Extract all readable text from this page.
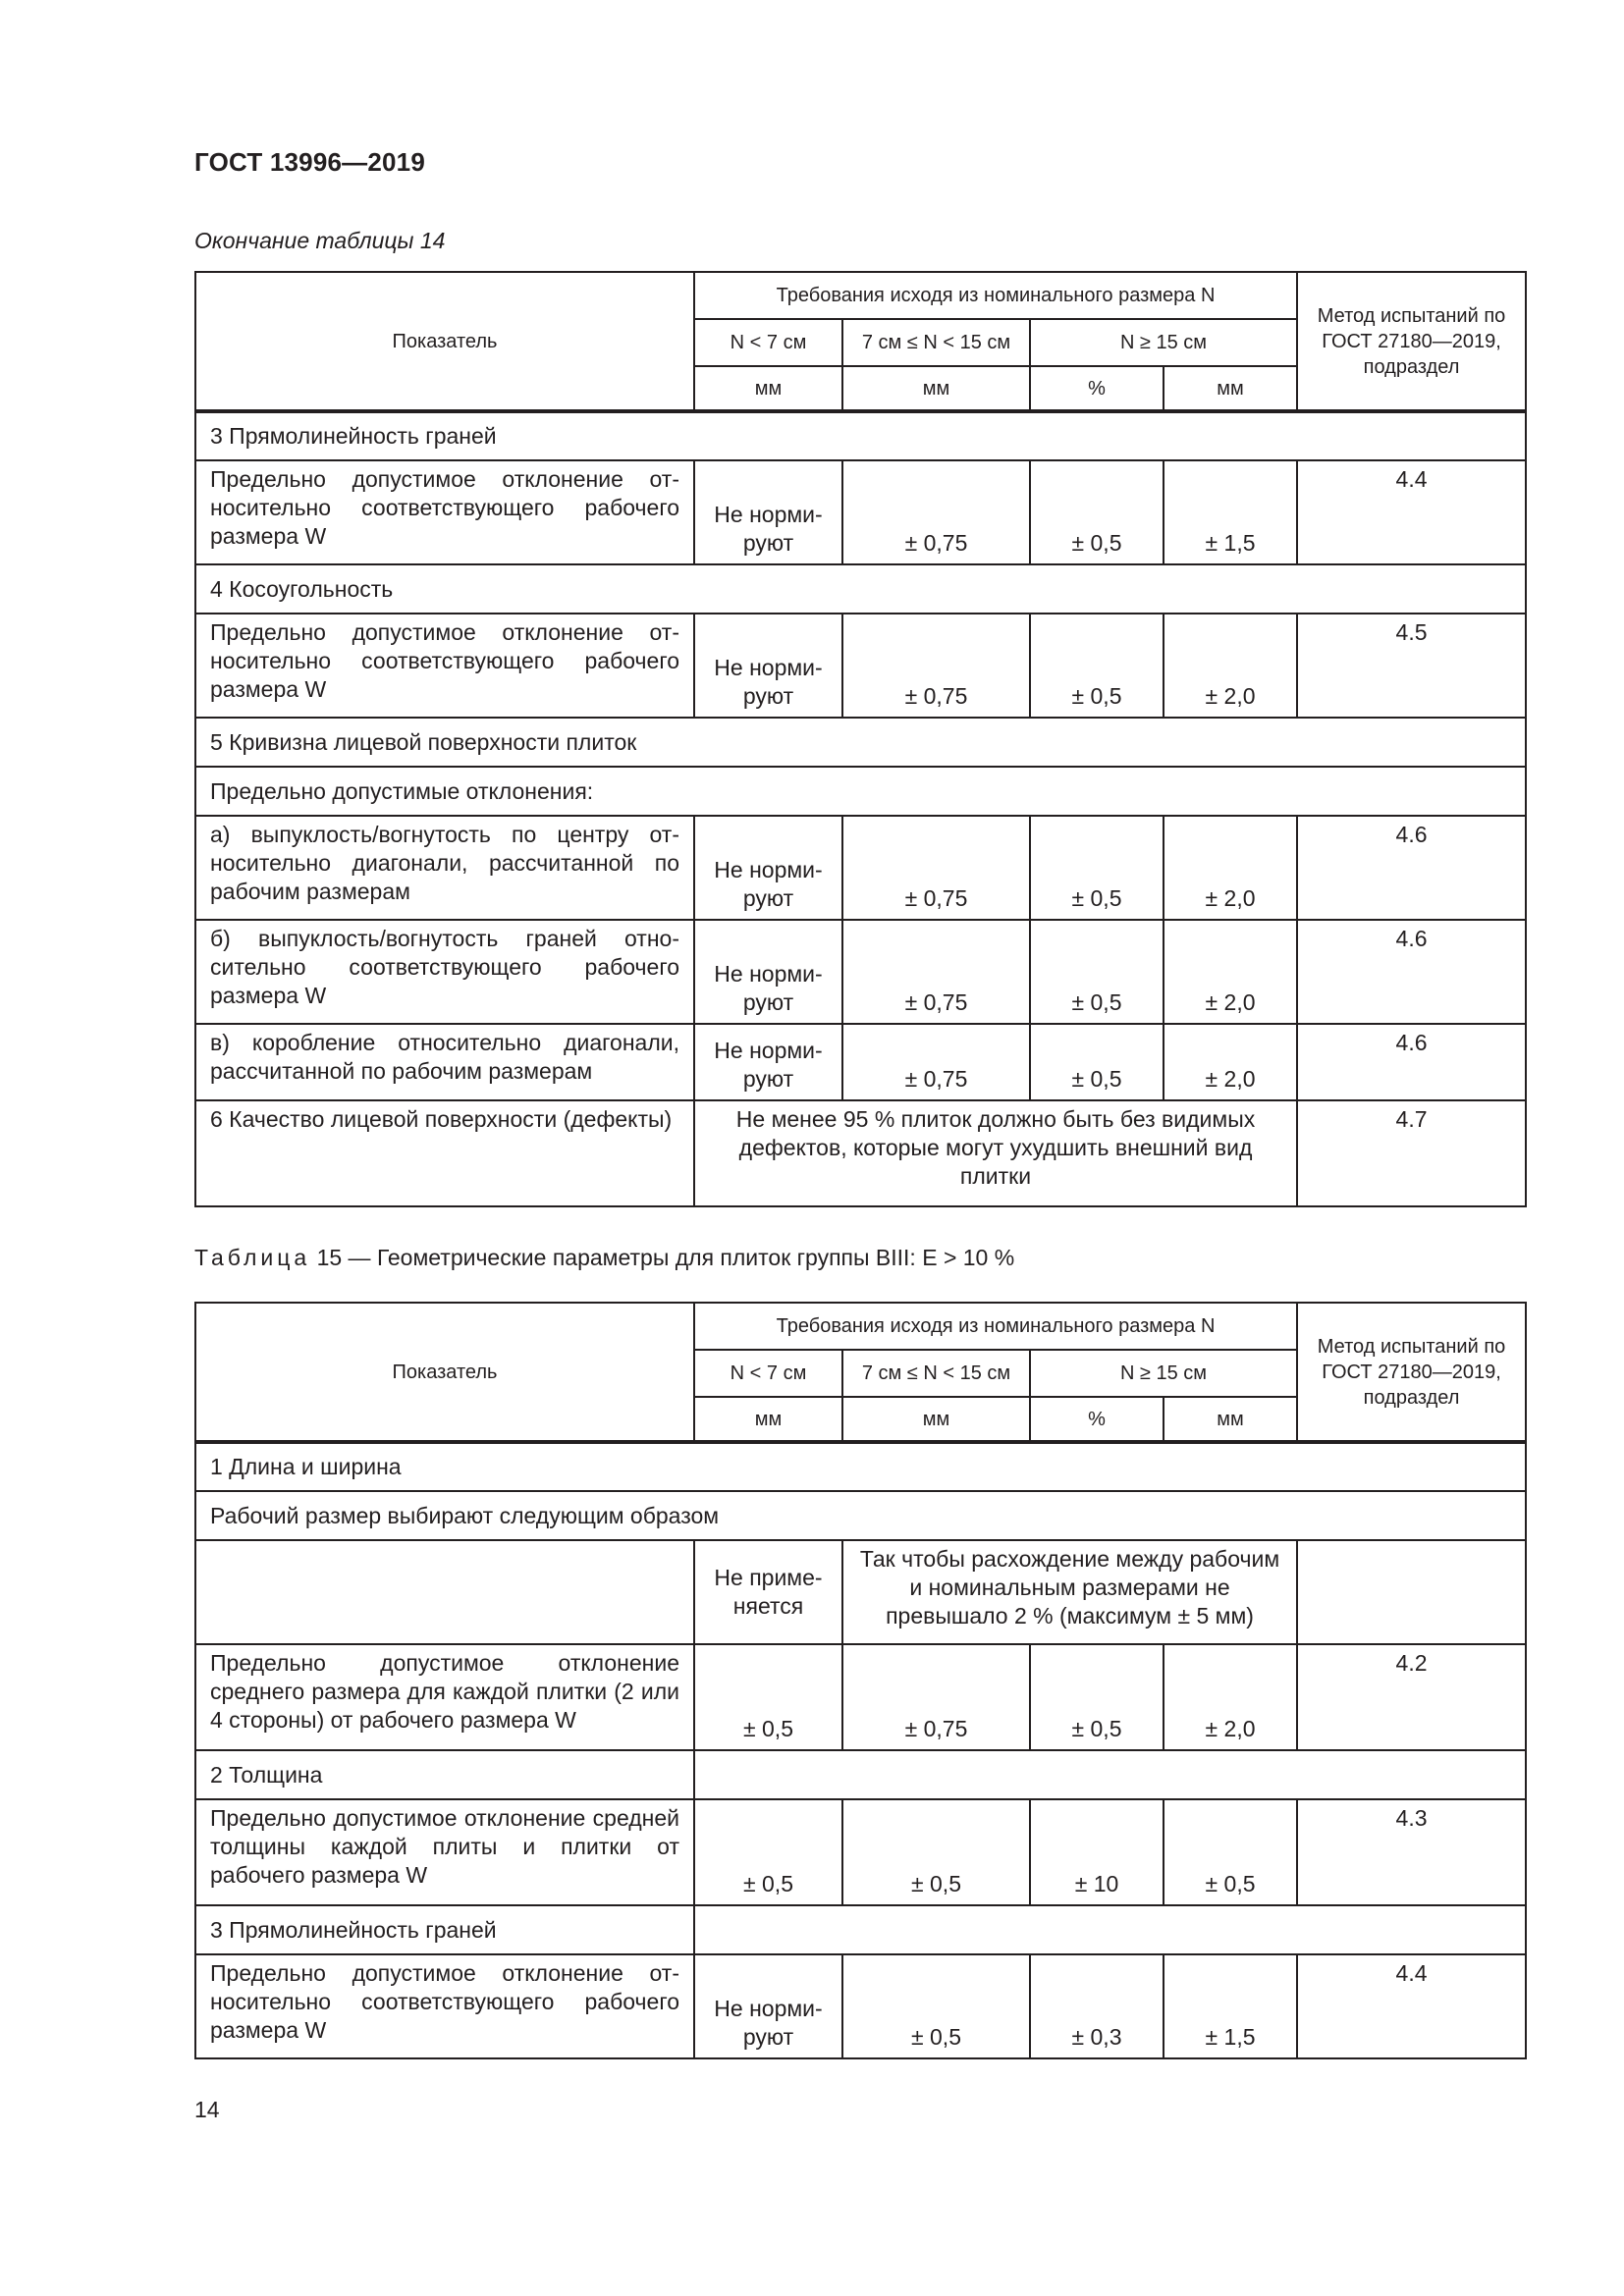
ГОСТ 13996—2019
Окончание таблицы 14
Показатель	Требования исходя из номинального размера N				Метод испытаний по ГОСТ 27180—2019, подраздел
	N < 7 см	7 см ≤ N < 15 см	N ≥ 15 см		
	мм	мм	%	мм	
3 Прямолинейность граней					
Предельно допустимое отклонение относительно соответствующего рабочего размера W	Не нормируют	± 0,75	± 0,5	± 1,5	4.4
4 Косоугольность					
Предельно допустимое отклонение относительно соответствующего рабочего размера W	Не нормируют	± 0,75	± 0,5	± 2,0	4.5
5 Кривизна лицевой поверхности плиток					
Предельно допустимые отклонения:					
а) выпуклость/вогнутость по центру относительно диагонали, рассчитанной по рабочим размерам	Не нормируют	± 0,75	± 0,5	± 2,0	4.6
б) выпуклость/вогнутость граней относительно соответствующего рабочего размера W	Не нормируют	± 0,75	± 0,5	± 2,0	4.6
в) коробление относительно диагонали, рассчитанной по рабочим размерам	Не нормируют	± 0,75	± 0,5	± 2,0	4.6
6 Качество лицевой поверхности (дефекты)	Не менее 95 % плиток должно быть без видимых дефектов, которые могут ухудшить внешний вид плитки				4.7
Таблица 15 — Геометрические параметры для плиток группы BIII: E > 10 %
Показатель	Требования исходя из номинального размера N				Метод испытаний по ГОСТ 27180—2019, подраздел
	N < 7 см	7 см ≤ N < 15 см	N ≥ 15 см		
	мм	мм	%	мм	
1 Длина и ширина					
Рабочий размер выбирают следующим образом					
	Не применяется	Так чтобы расхождение между рабочим и номинальным размерами не превышало 2 % (максимум ± 5 мм)			
Предельно допустимое отклонение среднего размера для каждой плитки (2 или 4 стороны) от рабочего размера W	± 0,5	± 0,75	± 0,5	± 2,0	4.2
2 Толщина					
Предельно допустимое отклонение средней толщины каждой плиты и плитки от рабочего размера W	± 0,5	± 0,5	± 10	± 0,5	4.3
3 Прямолинейность граней					
Предельно допустимое отклонение относительно соответствующего рабочего размера W	Не нормируют	± 0,5	± 0,3	± 1,5	4.4
14
